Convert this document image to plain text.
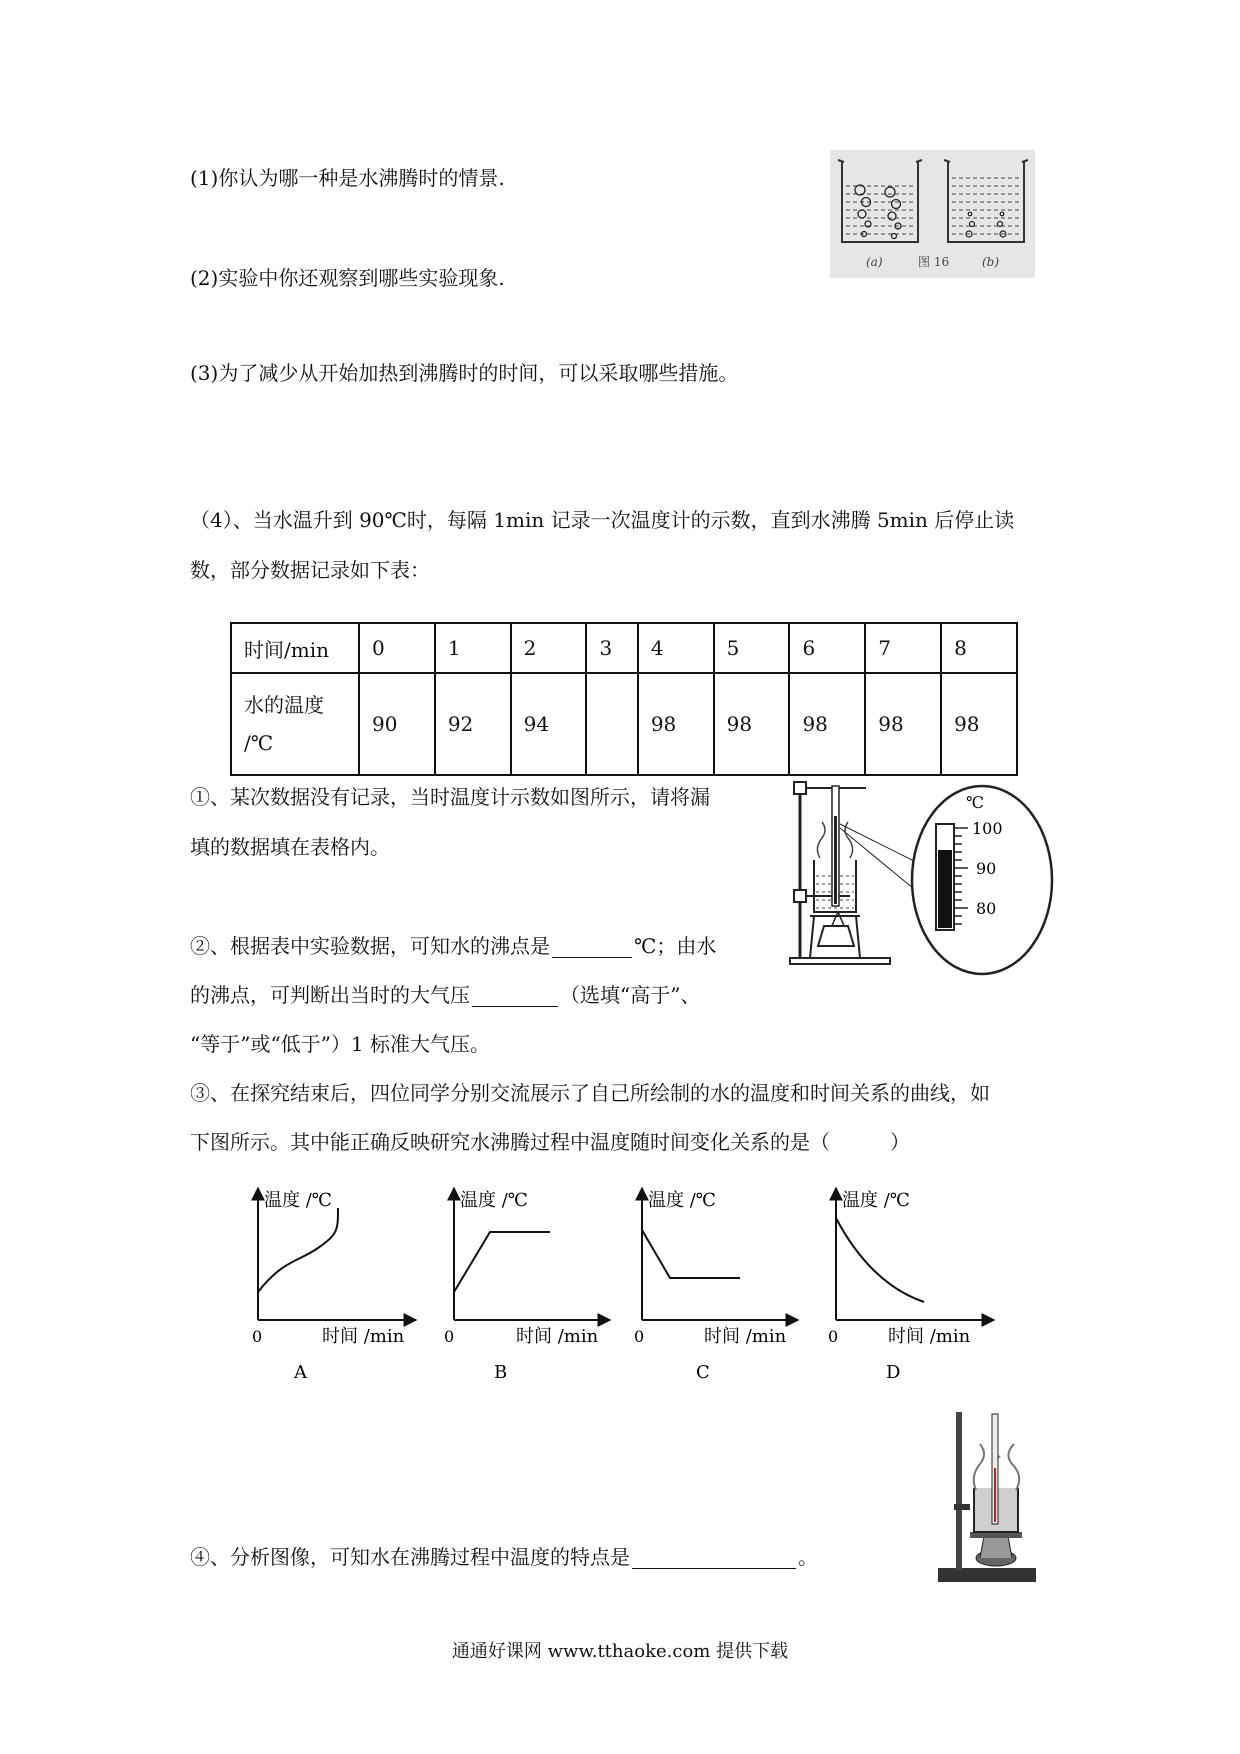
(1)你认为哪一种是水沸腾时的情景.
(2)实验中你还观察到哪些实验现象.
(3)为了减少从开始加热到沸腾时的时间，可以采取哪些措施。
（4）、当水温升到 90℃时，每隔 1min 记录一次温度计的示数，直到水沸腾 5min 后停止读
数，部分数据记录如下表：
(a)	图 16	(b)
时间/min	0	1	2	3	4	5	6	7	8

水的温度
/℃	90	92	94		98	98	98	98	98
①、某次数据没有记录，当时温度计示数如图所示，请将漏
填的数据填在表格内。
℃
100
90
80
②、根据表中实验数据，可知水的沸点是	℃；由水
的沸点，可判断出当时的大气压	（选填“高于”、
“等于”或“低于”）1 标准大气压。
③、在探究结束后，四位同学分别交流展示了自己所绘制的水的温度和时间关系的曲线，如
下图所示。其中能正确反映研究水沸腾过程中温度随时间变化关系的是（　　　）
温度 /℃
时间 /min
0
A
温度 /℃
时间 /min
0
B
温度 /℃
时间 /min
0
C
温度 /℃
时间 /min
0
D
④、分析图像，可知水在沸腾过程中温度的特点是	。
通通好课网 www.tthaoke.com 提供下载
